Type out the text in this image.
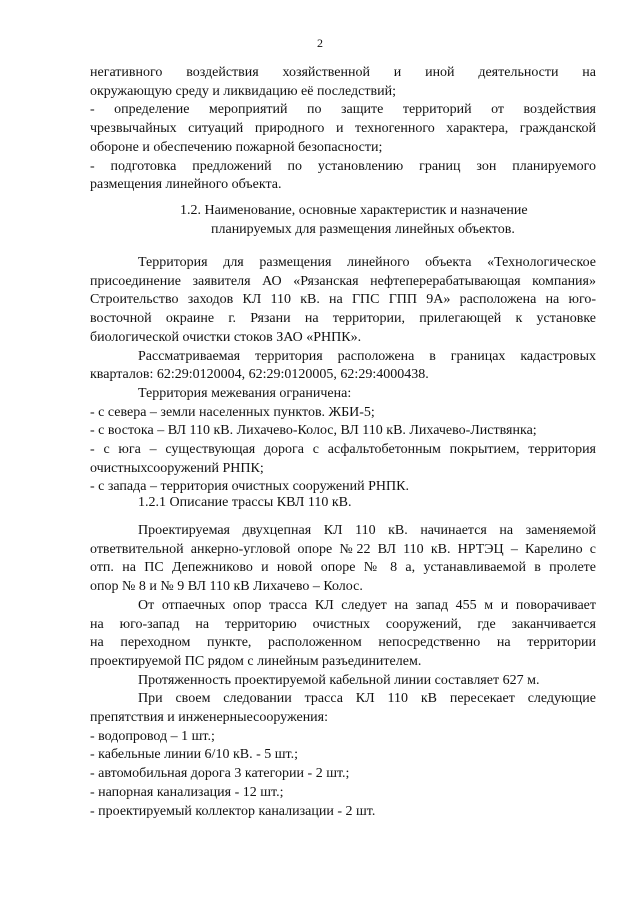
2
негативного воздействия хозяйственной и иной деятельности на
окружающую среду и ликвидацию её последствий;
- определение мероприятий по защите территорий от воздействия
чрезвычайных ситуаций природного и техногенного характера, гражданской
обороне и обеспечению пожарной безопасности;
- подготовка предложений по установлению границ зон планируемого
размещения линейного объекта.
1.2. Наименование, основные характеристик и назначение
планируемых для размещения линейных объектов.
Территория для размещения линейного объекта «Технологическое
присоединение заявителя АО «Рязанская нефтеперерабатывающая компания»
Строительство заходов КЛ 110 кВ. на ГПС ГПП 9А» расположена на юго-
восточной окраине г. Рязани на территории, прилегающей к установке
биологической очистки стоков ЗАО «РНПК».
Рассматриваемая территория расположена в границах кадастровых
кварталов: 62:29:0120004, 62:29:0120005, 62:29:4000438.
Территория межевания ограничена:
- с севера – земли населенных пунктов. ЖБИ-5;
- с востока – ВЛ 110 кВ. Лихачево-Колос, ВЛ 110 кВ. Лихачево-Листвянка;
- с юга – существующая дорога с асфальтобетонным покрытием, территория
очистныхсооружений РНПК;
- с запада – территория очистных сооружений РНПК.
1.2.1 Описание трассы КВЛ 110 кВ.
Проектируемая двухцепная КЛ 110 кВ. начинается на заменяемой
ответвительной анкерно-угловой опоре №22 ВЛ 110 кВ. НРТЭЦ – Карелино с
отп. на ПС Депежниково и новой опоре № 8 а, устанавливаемой в пролете
опор № 8 и № 9 ВЛ 110 кВ Лихачево – Колос.
От отпаечных опор трасса КЛ следует на запад 455 м и поворачивает
на юго-запад на территорию очистных сооружений, где заканчивается
на переходном пункте, расположенном непосредственно на территории
проектируемой ПС рядом с линейным разъединителем.
Протяженность проектируемой кабельной линии составляет 627 м.
При своем следовании трасса КЛ 110 кВ пересекает следующие
препятствия и инженерныесооружения:
- водопровод – 1 шт.;
- кабельные линии 6/10 кВ. - 5 шт.;
- автомобильная дорога 3 категории - 2 шт.;
- напорная канализация - 12 шт.;
- проектируемый коллектор канализации - 2 шт.
